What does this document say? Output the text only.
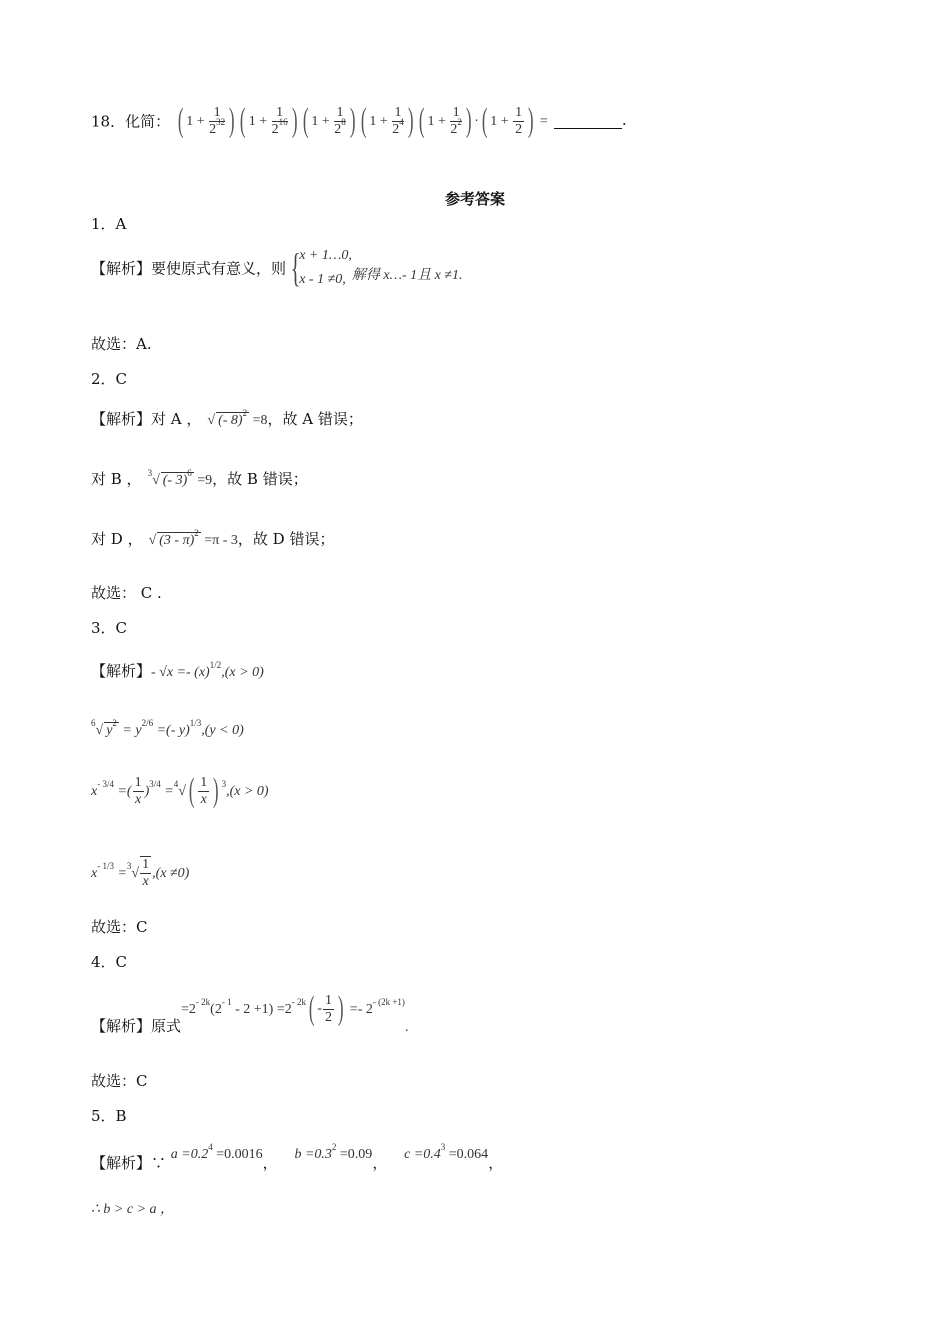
18．化简： ( $1 + \frac{1}{2^{32}}$ ) ( $1 + \frac{1}{2^{16}}$ ) ( $1 + \frac{1}{2^8}$ ) ( $1 + \frac{1}{2^4}$ ) ( $1 + \frac{1}{2^2}$ ) ·( $1 + \frac{1}{2}$ ) =	.
参考答案
1．A
【解析】要使原式有意义，则 {
x + 1…0,
x - 1 ≠0, 解得 x…- 1且 x ≠1.
故选：A.
2．C
【解析】对 A ， √ (- 8)$^2$ =8，故 A 错误；
对 B ， $^3$√ (- 3)$^6$ =9，故 B 错误；
对 D ， √ (3 - π)$^2$ =π - 3，故 D 错误；
故选： C .
3．C
【解析】- $√x =- (x)^{1/2},(x > 0)$
$^6$√ $y^2 = y^{2/6}$ =(- y)$^{1/3}$,(y < 0)
$x^{- 3/4}$ =( $\frac{1}{x} )^{3/4} =^4√( \frac{1}{x}$ ) $^3$,(x > 0)
$x^{- 1/3} =^3√ \frac{1}{x} ,(x \ne 0)$
故选：C
4．C
【解析】原式$=2^{- 2k}(2^{- 1} - 2 +1) =2^{- 2k}( - \frac{1}{2}$ ) =- $2^{- (2k +1)}$.
故选：C
5．B
【解析】∵ $a =0.2^4 =0.0016$， $b =0.3^2 =0.09$， $c =0.4^3 =0.064$，
∴ b > c > a ，
